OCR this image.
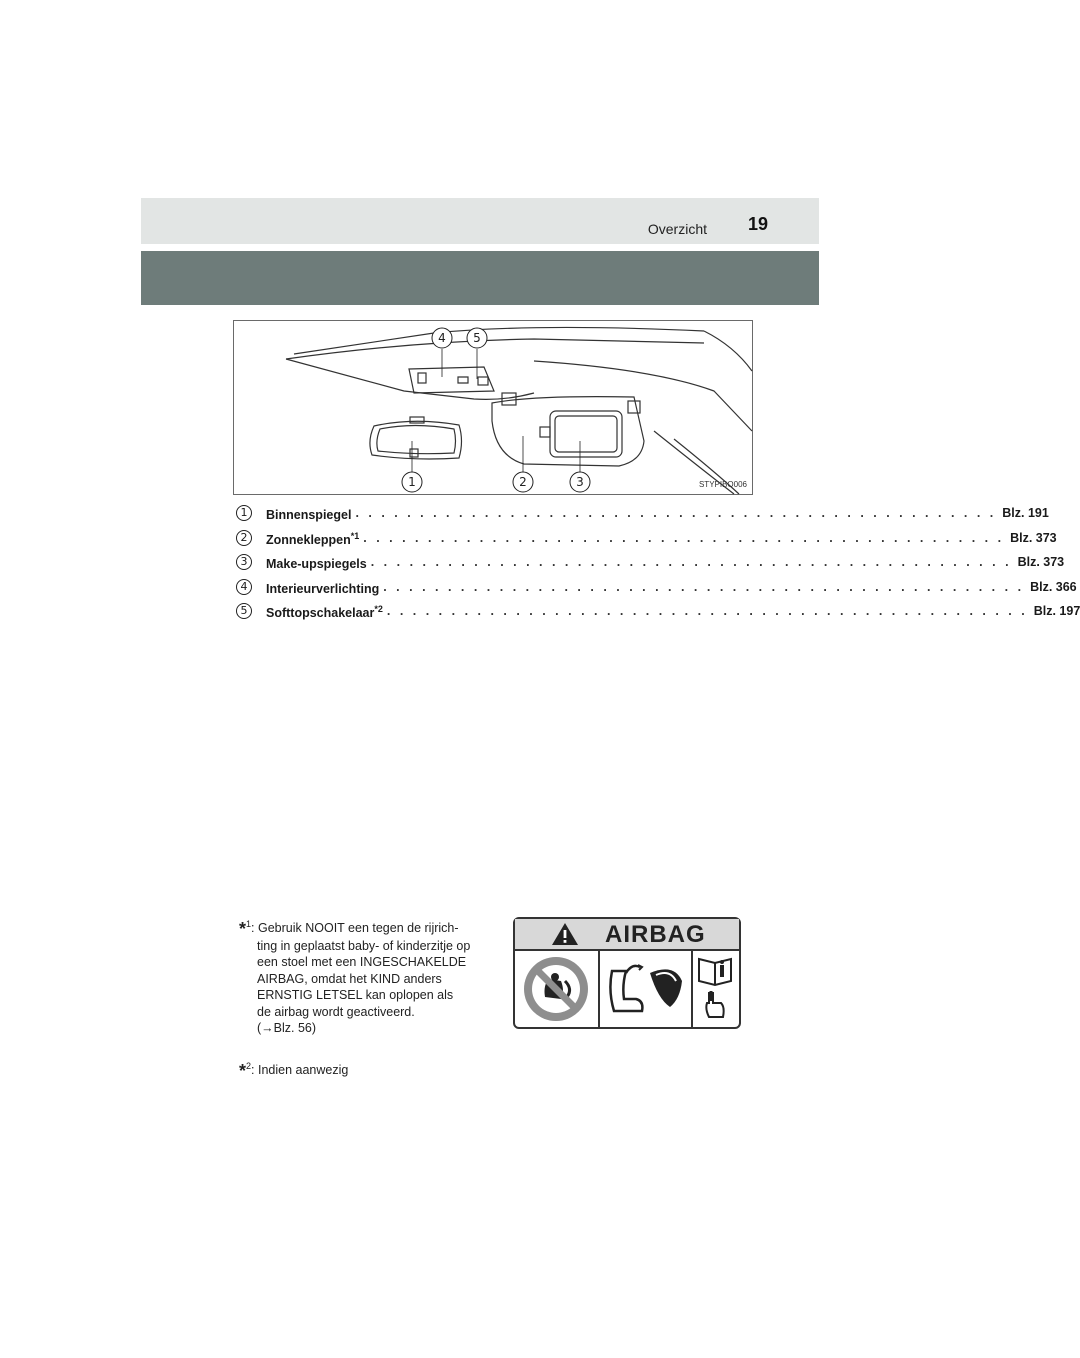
Overzicht 19
4 5
1	2	3	STYPIBO006
1	Binnenspiegel . . . . . . . . . . . . . . . . . . . . . . . . . . . . . . . . . . . . . . . . . . . . . . . . . . Blz. 191
2	Zonnekleppen$^{*1}$ . . . . . . . . . . . . . . . . . . . . . . . . . . . . . . . . . . . . . . . . . . . . . . . . . . Blz. 373
3	Make-upspiegels . . . . . . . . . . . . . . . . . . . . . . . . . . . . . . . . . . . . . . . . . . . . . . . . . . Blz. 373
4	Interieurverlichting . . . . . . . . . . . . . . . . . . . . . . . . . . . . . . . . . . . . . . . . . . . . . . . . . . Blz. 366
5	Softtopschakelaar$^{*2}$ . . . . . . . . . . . . . . . . . . . . . . . . . . . . . . . . . . . . . . . . . . . . . . . . . . Blz. 197
*$^1$: Gebruik NOOIT een tegen de rijrich-
ting in geplaatst baby- of kinderzitje op
een stoel met een INGESCHAKELDE
AIRBAG, omdat het KIND anders
ERNSTIG LETSEL kan oplopen als
de airbag wordt geactiveerd.
(→Blz. 56)
*$^2$: Indien aanwezig
AIRBAG
